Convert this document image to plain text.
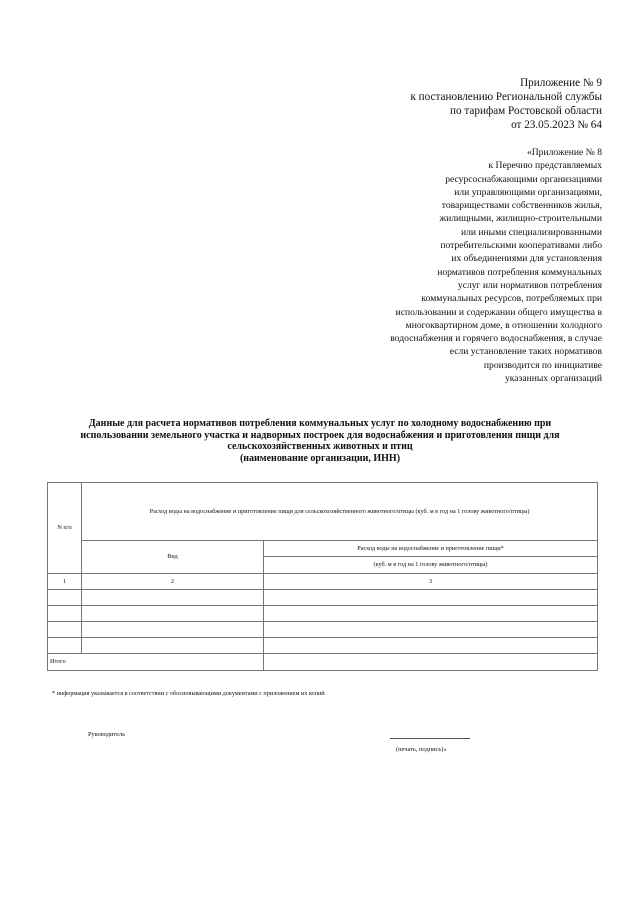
Приложение № 9
к постановлению Региональной службы
по тарифам Ростовской области
от 23.05.2023 № 64
«Приложение № 8
к Перечню представляемых
ресурсоснабжающими организациями
или управляющими организациями,
товариществами собственников жилья,
жилищными, жилищно-строительными
или иными специализированными
потребительскими кооперативами либо
их объединениями для установления
нормативов потребления коммунальных
услуг или нормативов потребления
коммунальных ресурсов, потребляемых при
использовании и содержании общего имущества в
многоквартирном доме, в отношении холодного
водоснабжения и горячего водоснабжения, в случае
если установление таких нормативов
производится по инициативе
указанных организаций
Данные для расчета нормативов потребления коммунальных услуг по холодному водоснабжению при
использовании земельного участка и надворных построек для водоснабжения и приготовления пищи для
сельскохозяйственных животных и птиц
(наименование организации, ИНН)
N п/п	Расход воды на водоснабжение и приготовление пищи для сельскохозяйственного животного/птицы (куб. м в год на 1 голову животного/птицы)	
	Вид	Расход воды на водоснабжение и приготовление пищи*
		(куб. м в год на 1 голову животного/птицы)
1	2	3

Итого		
* информация указывается в соответствии с обосновывающими документами с приложением их копий
Руководитель
(печать, подпись)»
